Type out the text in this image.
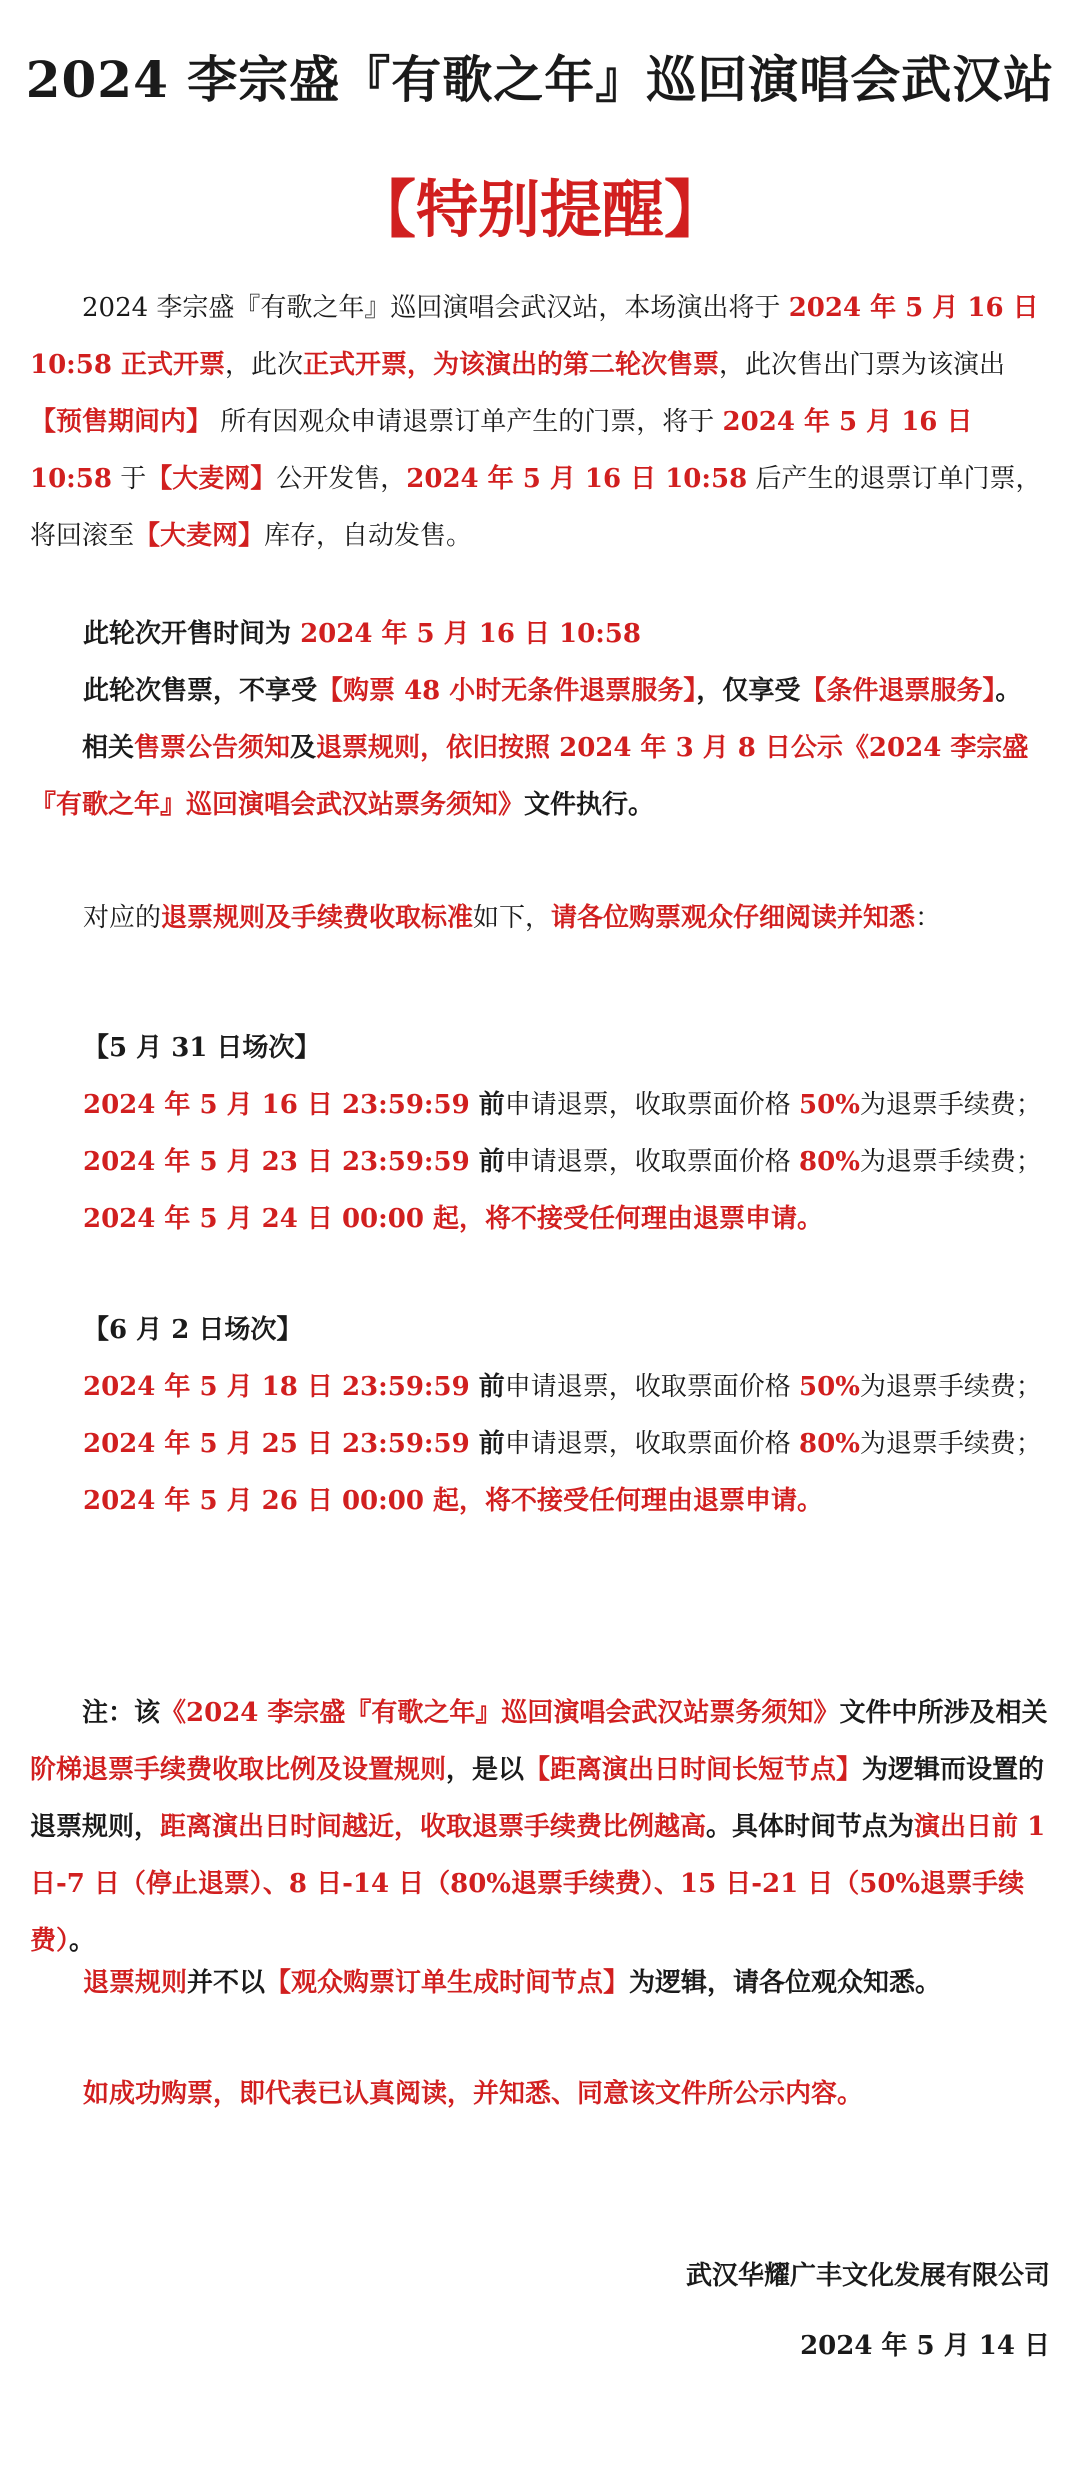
2024 李宗盛『有歌之年』巡回演唱会武汉站
【特别提醒】

2024 李宗盛『有歌之年』巡回演唱会武汉站，本场演出将于 2024 年 5 月 16 日 10:58 正式开票，此次正式开票，为该演出的第二轮次售票，此次售出门票为该演出 【预售期间内】 所有因观众申请退票订单产生的门票，将于 2024 年 5 月 16 日 10:58 于【大麦网】公开发售，2024 年 5 月 16 日 10:58 后产生的退票订单门票，将回滚至【大麦网】库存，自动发售。

此轮次开售时间为 2024 年 5 月 16 日 10:58

此轮次售票，不享受【购票 48 小时无条件退票服务】，仅享受【条件退票服务】。

相关售票公告须知及退票规则，依旧按照 2024 年 3 月 8 日公示《2024 李宗盛『有歌之年』巡回演唱会武汉站票务须知》文件执行。

对应的退票规则及手续费收取标准如下，请各位购票观众仔细阅读并知悉：

【5 月 31 日场次】

2024 年 5 月 16 日 23:59:59 前申请退票，收取票面价格 50%为退票手续费；

2024 年 5 月 23 日 23:59:59 前申请退票，收取票面价格 80%为退票手续费；

2024 年 5 月 24 日 00:00 起，将不接受任何理由退票申请。

【6 月 2 日场次】

2024 年 5 月 18 日 23:59:59 前申请退票，收取票面价格 50%为退票手续费；

2024 年 5 月 25 日 23:59:59 前申请退票，收取票面价格 80%为退票手续费；

2024 年 5 月 26 日 00:00 起，将不接受任何理由退票申请。

注：该《2024 李宗盛『有歌之年』巡回演唱会武汉站票务须知》文件中所涉及相关阶梯退票手续费收取比例及设置规则，是以【距离演出日时间长短节点】为逻辑而设置的退票规则，距离演出日时间越近，收取退票手续费比例越高。具体时间节点为演出日前 1 日-7 日（停止退票）、8 日-14 日（80%退票手续费）、15 日-21 日（50%退票手续费）。

退票规则并不以【观众购票订单生成时间节点】为逻辑，请各位观众知悉。

如成功购票，即代表已认真阅读，并知悉、同意该文件所公示内容。

武汉华耀广丰文化发展有限公司
2024 年 5 月 14 日
